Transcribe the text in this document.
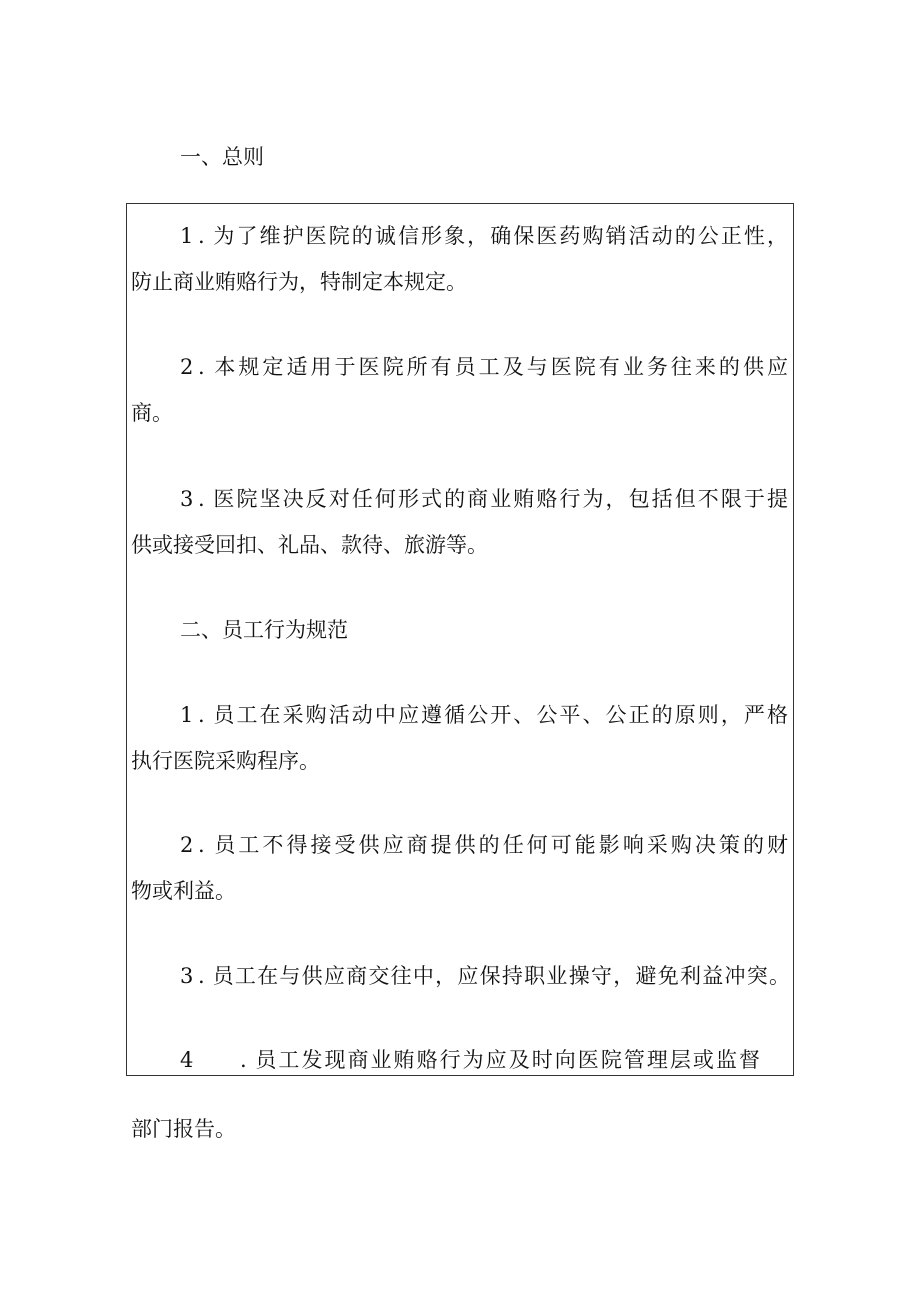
一、总则

1 . 为了维护医院的诚信形象，确保医药购销活动的公正性，

防止商业贿赂行为，特制定本规定。

2 . 本规定适用于医院所有员工及与医院有业务往来的供应

商。

3 . 医院坚决反对任何形式的商业贿赂行为，包括但不限于提

供或接受回扣、礼品、款待、旅游等。

二、员工行为规范

1 . 员工在采购活动中应遵循公开、公平、公正的原则，严格

执行医院采购程序。

2 . 员工不得接受供应商提供的任何可能影响采购决策的财

物或利益。

3 . 员工在与供应商交往中，应保持职业操守，避免利益冲突。

4 . 员工发现商业贿赂行为应及时向医院管理层或监督

部门报告。
